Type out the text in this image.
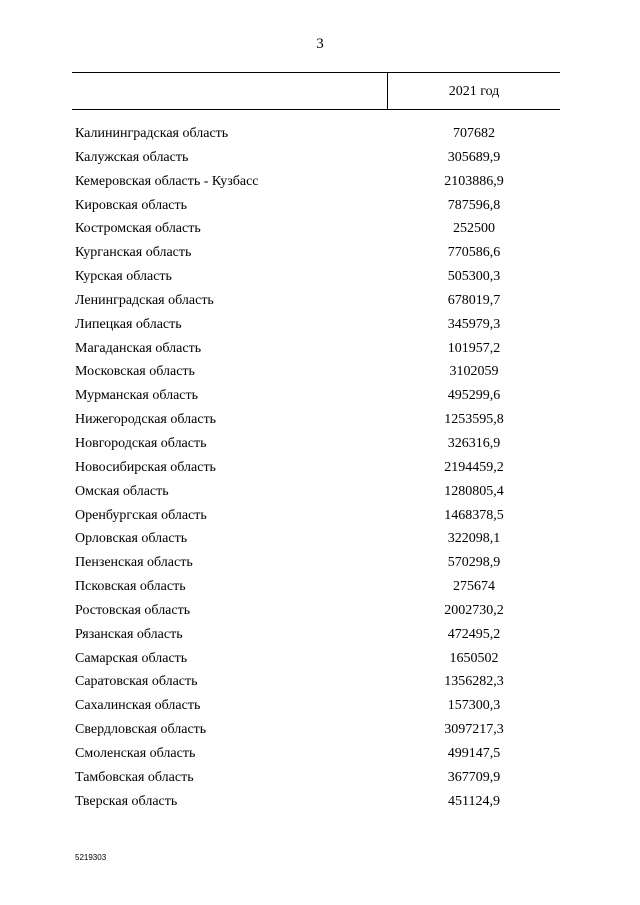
3
2021 год
Калининградская область	707682
Калужская область	305689,9
Кемеровская область - Кузбасс	2103886,9
Кировская область	787596,8
Костромская область	252500
Курганская область	770586,6
Курская область	505300,3
Ленинградская область	678019,7
Липецкая область	345979,3
Магаданская область	101957,2
Московская область	3102059
Мурманская область	495299,6
Нижегородская область	1253595,8
Новгородская область	326316,9
Новосибирская область	2194459,2
Омская область	1280805,4
Оренбургская область	1468378,5
Орловская область	322098,1
Пензенская область	570298,9
Псковская область	275674
Ростовская область	2002730,2
Рязанская область	472495,2
Самарская область	1650502
Саратовская область	1356282,3
Сахалинская область	157300,3
Свердловская область	3097217,3
Смоленская область	499147,5
Тамбовская область	367709,9
Тверская область	451124,9
5219303
